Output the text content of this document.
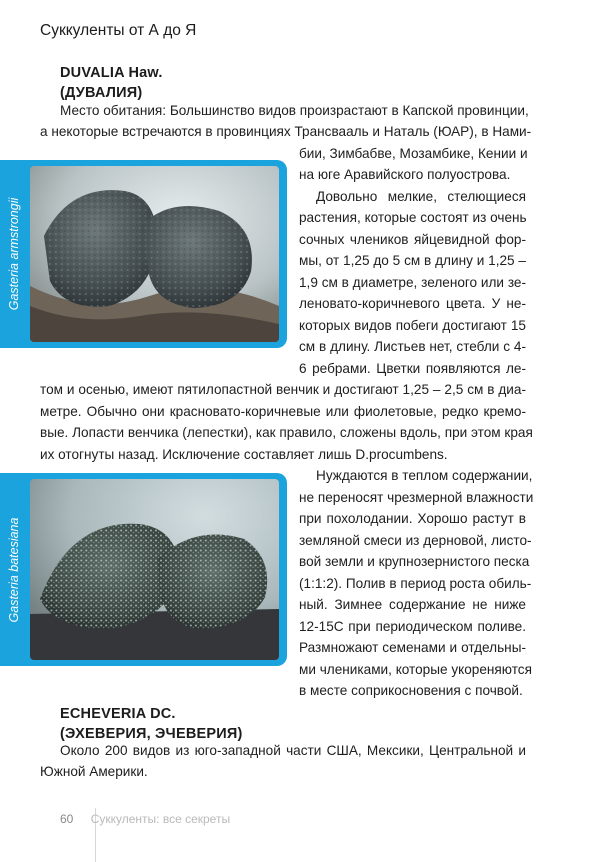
Суккуленты от А до Я
DUVALIA Haw.
(ДУВАЛИЯ)
Место обитания: Большинство видов произрастают в Капской провинции,
а некоторые встречаются в провинциях Трансвааль и Наталь (ЮАР), в Нами-
бии, Зимбабве, Мозамбике, Кении и
на юге Аравийского полуострова.
Довольно мелкие, стелющиеся
растения, которые состоят из очень
сочных члеников яйцевидной фор-
мы, от 1,25 до 5 см в длину и 1,25 –
1,9 см в диаметре, зеленого или зе-
леновато-коричневого цвета. У не-
которых видов побеги достигают 15
см в длину. Листьев нет, стебли с 4-
6 ребрами. Цветки появляются ле-
том и осенью, имеют пятилопастной венчик и достигают 1,25 – 2,5 см в диа-
метре. Обычно они красновато-коричневые или фиолетовые, редко кремо-
вые. Лопасти венчика (лепестки), как правило, сложены вдоль, при этом края
их отогнуты назад. Исключение составляет лишь D.procumbens.
Нуждаются в теплом содержании,
не переносят чрезмерной влажности
при похолодании. Хорошо растут в
земляной смеси из дерновой, листо-
вой земли и крупнозернистого песка
(1:1:2). Полив в период роста обиль-
ный. Зимнее содержание не ниже
12-15С при периодическом поливе.
Размножают семенами и отдельны-
ми члениками, которые укореняются
в месте соприкосновения с почвой.
Gasteria armstrongii
Gasteria batesiana
ECHEVERIA DC.
(ЭХЕВЕРИЯ, ЭЧЕВЕРИЯ)
Около 200 видов из юго-западной части США, Мексики, Центральной и
Южной Америки.
60 Суккуленты: все секреты
